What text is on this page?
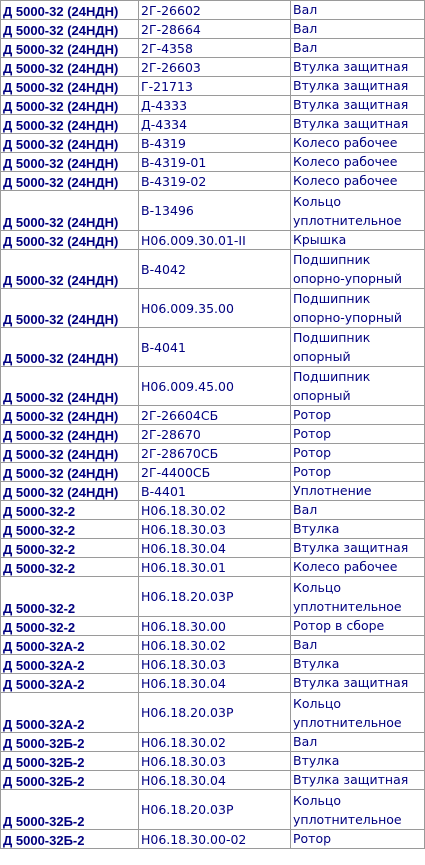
Д 5000-32 (24НДН)	2Г-26602	Вал
Д 5000-32 (24НДН)	2Г-28664	Вал
Д 5000-32 (24НДН)	2Г-4358	Вал
Д 5000-32 (24НДН)	2Г-26603	Втулка защитная
Д 5000-32 (24НДН)	Г-21713	Втулка защитная
Д 5000-32 (24НДН)	Д-4333	Втулка защитная
Д 5000-32 (24НДН)	Д-4334	Втулка защитная
Д 5000-32 (24НДН)	В-4319	Колесо рабочее
Д 5000-32 (24НДН)	В-4319-01	Колесо рабочее
Д 5000-32 (24НДН)	В-4319-02	Колесо рабочее
Д 5000-32 (24НДН)	В-13496	Кольцо уплотнительное
Д 5000-32 (24НДН)	Н06.009.30.01-II	Крышка
Д 5000-32 (24НДН)	В-4042	Подшипник опорно-упорный
Д 5000-32 (24НДН)	Н06.009.35.00	Подшипник опорно-упорный
Д 5000-32 (24НДН)	В-4041	Подшипник опорный
Д 5000-32 (24НДН)	Н06.009.45.00	Подшипник опорный
Д 5000-32 (24НДН)	2Г-26604СБ	Ротор
Д 5000-32 (24НДН)	2Г-28670	Ротор
Д 5000-32 (24НДН)	2Г-28670СБ	Ротор
Д 5000-32 (24НДН)	2Г-4400СБ	Ротор
Д 5000-32 (24НДН)	В-4401	Уплотнение
Д 5000-32-2	Н06.18.30.02	Вал
Д 5000-32-2	Н06.18.30.03	Втулка
Д 5000-32-2	Н06.18.30.04	Втулка защитная
Д 5000-32-2	Н06.18.30.01	Колесо рабочее
Д 5000-32-2	Н06.18.20.03Р	Кольцо уплотнительное
Д 5000-32-2	Н06.18.30.00	Ротор в сборе
Д 5000-32А-2	Н06.18.30.02	Вал
Д 5000-32А-2	Н06.18.30.03	Втулка
Д 5000-32А-2	Н06.18.30.04	Втулка защитная
Д 5000-32А-2	Н06.18.20.03Р	Кольцо уплотнительное
Д 5000-32Б-2	Н06.18.30.02	Вал
Д 5000-32Б-2	Н06.18.30.03	Втулка
Д 5000-32Б-2	Н06.18.30.04	Втулка защитная
Д 5000-32Б-2	Н06.18.20.03Р	Кольцо уплотнительное
Д 5000-32Б-2	Н06.18.30.00-02	Ротор
